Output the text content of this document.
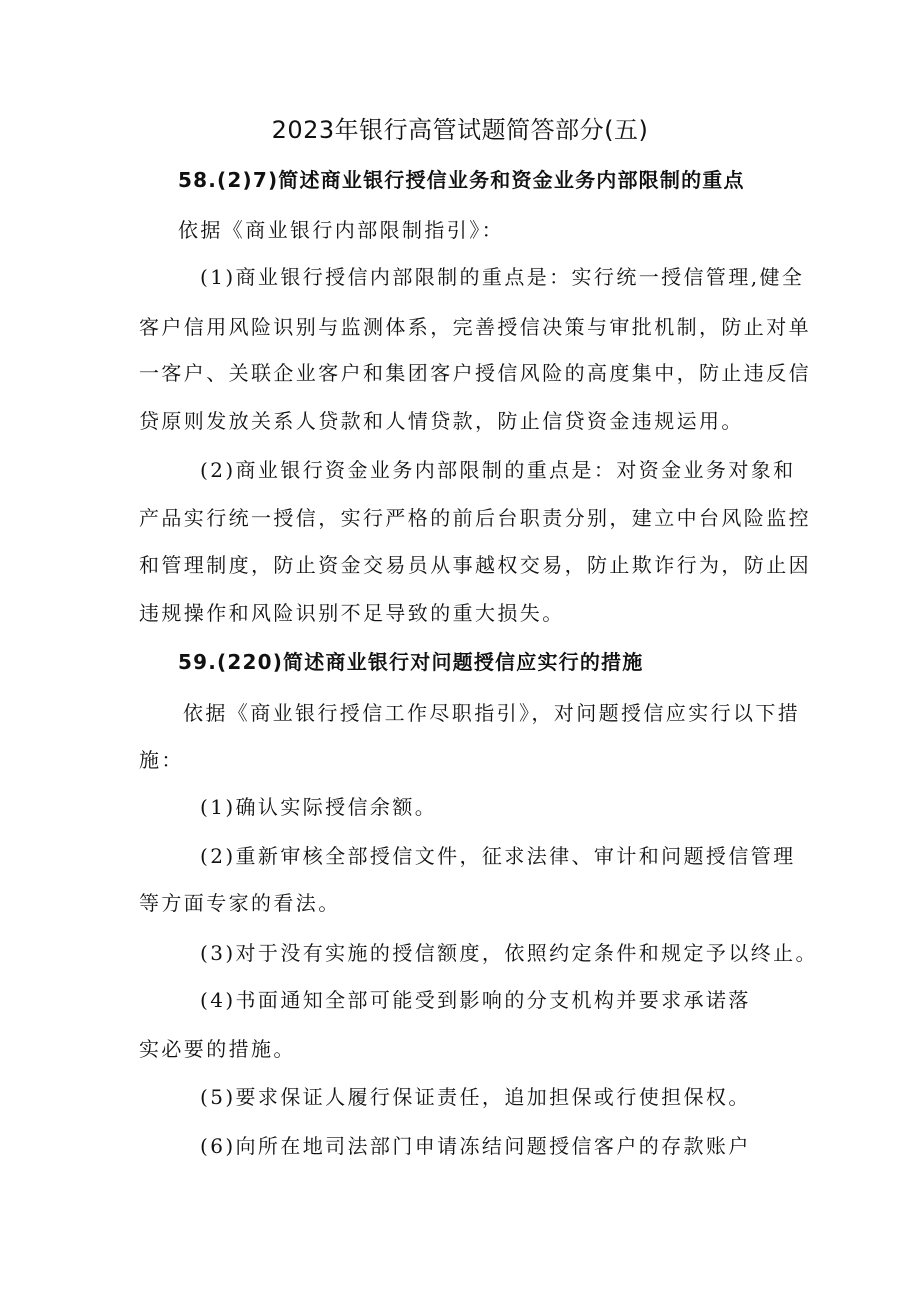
2023年银行高管试题简答部分(五)
58.(2)7)简述商业银行授信业务和资金业务内部限制的重点
依据《商业银行内部限制指引》：
(1)商业银行授信内部限制的重点是：实行统一授信管理,健全
客户信用风险识别与监测体系，完善授信决策与审批机制，防止对单
一客户、关联企业客户和集团客户授信风险的高度集中，防止违反信
贷原则发放关系人贷款和人情贷款，防止信贷资金违规运用。
(2)商业银行资金业务内部限制的重点是：对资金业务对象和
产品实行统一授信，实行严格的前后台职责分别，建立中台风险监控
和管理制度，防止资金交易员从事越权交易，防止欺诈行为，防止因
违规操作和风险识别不足导致的重大损失。
59.(220)简述商业银行对问题授信应实行的措施
依据《商业银行授信工作尽职指引》，对问题授信应实行以下措
施：
(1)确认实际授信余额。
(2)重新审核全部授信文件，征求法律、审计和问题授信管理
等方面专家的看法。
(3)对于没有实施的授信额度，依照约定条件和规定予以终止。
(4)书面通知全部可能受到影响的分支机构并要求承诺落
实必要的措施。
(5)要求保证人履行保证责任，追加担保或行使担保权。
(6)向所在地司法部门申请冻结问题授信客户的存款账户
